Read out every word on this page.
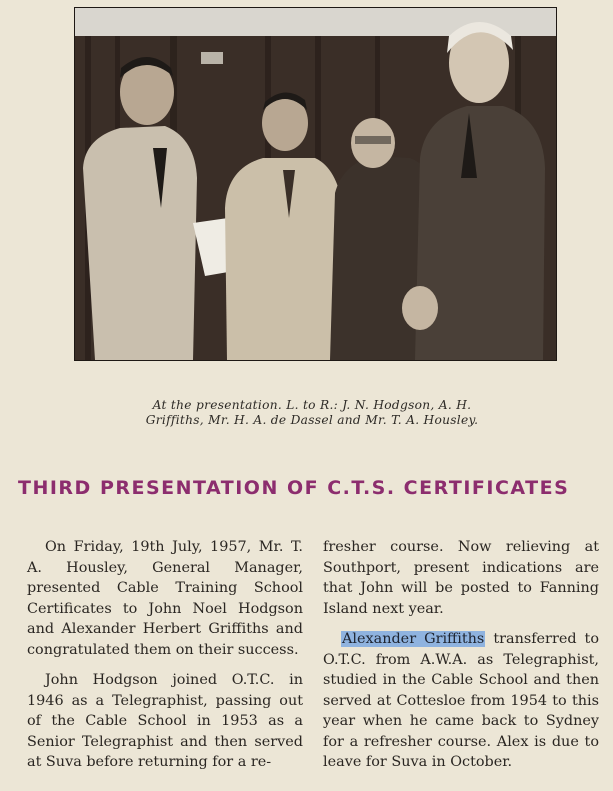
At the presentation. L. to R.: J. N. Hodgson, A. H.
Griffiths, Mr. H. A. de Dassel and Mr. T. A. Housley.
THIRD PRESENTATION OF C.T.S. CERTIFICATES

On Friday, 19th July, 1957, Mr. T. A. Housley, General Manager, presented Cable Training School Certificates to John Noel Hodgson and Alexander Herbert Griffiths and congratulated them on their success.

John Hodgson joined O.T.C. in 1946 as a Telegraphist, passing out of the Cable School in 1953 as a Senior Telegraphist and then served at Suva before returning for a re-

fresher course. Now relieving at Southport, present indications are that John will be posted to Fanning Island next year.

Alexander Griffiths transferred to O.T.C. from A.W.A. as Telegraphist, studied in the Cable School and then served at Cottesloe from 1954 to this year when he came back to Sydney for a refresher course. Alex is due to leave for Suva in October.
